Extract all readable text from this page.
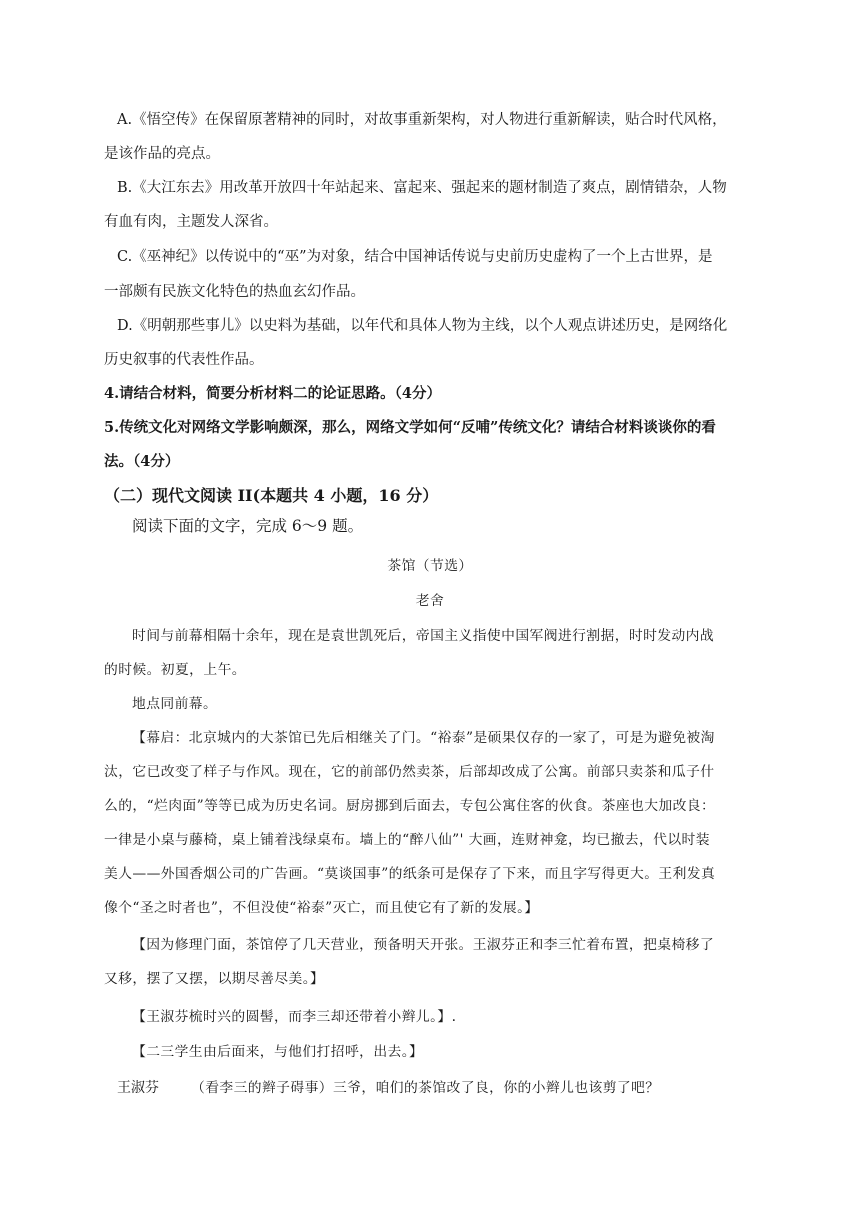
A.《悟空传》在保留原著精神的同时，对故事重新架构，对人物进行重新解读，贴合时代风格，

是该作品的亮点。

B.《大江东去》用改革开放四十年站起来、富起来、强起来的题材制造了爽点，剧情错杂，人物

有血有肉，主题发人深省。

C.《巫神纪》以传说中的“巫”为对象，结合中国神话传说与史前历史虚构了一个上古世界，是

一部颇有民族文化特色的热血玄幻作品。

D.《明朝那些事儿》以史料为基础，以年代和具体人物为主线，以个人观点讲述历史，是网络化

历史叙事的代表性作品。

4.请结合材料，简要分析材料二的论证思路。（4分）

5.传统文化对网络文学影响颇深，那么，网络文学如何“反哺”传统文化？请结合材料谈谈你的看

法。（4分）

（二）现代文阅读 II(本题共 4 小题，16 分）

阅读下面的文字，完成 6～9 题。

茶馆（节选）

老舍

时间与前幕相隔十余年，现在是袁世凯死后，帝国主义指使中国军阀进行割据，时时发动内战

的时候。初夏，上午。

地点同前幕。

【幕启：北京城内的大茶馆已先后相继关了门。“裕泰”是硕果仅存的一家了，可是为避免被淘

汰，它已改变了样子与作风。现在，它的前部仍然卖茶，后部却改成了公寓。前部只卖茶和瓜子什

么的，“烂肉面”等等已成为历史名词。厨房挪到后面去，专包公寓住客的伙食。茶座也大加改良：

一律是小桌与藤椅，桌上铺着浅绿桌布。墙上的“醉八仙”' 大画，连财神龛，均已撤去，代以时装

美人——外国香烟公司的广告画。“莫谈国事”的纸条可是保存了下来，而且字写得更大。王利发真

像个“圣之时者也”，不但没使“裕泰”灭亡，而且使它有了新的发展。】

【因为修理门面，茶馆停了几天营业，预备明天开张。王淑芬正和李三忙着布置，把桌椅移了

又移，摆了又摆，以期尽善尽美。】

【王淑芬梳时兴的圆髻，而李三却还带着小辫儿。】.

【二三学生由后面来，与他们打招呼，出去。】

王淑芬 （看李三的辫子碍事）三爷，咱们的茶馆改了良，你的小辫儿也该剪了吧？
